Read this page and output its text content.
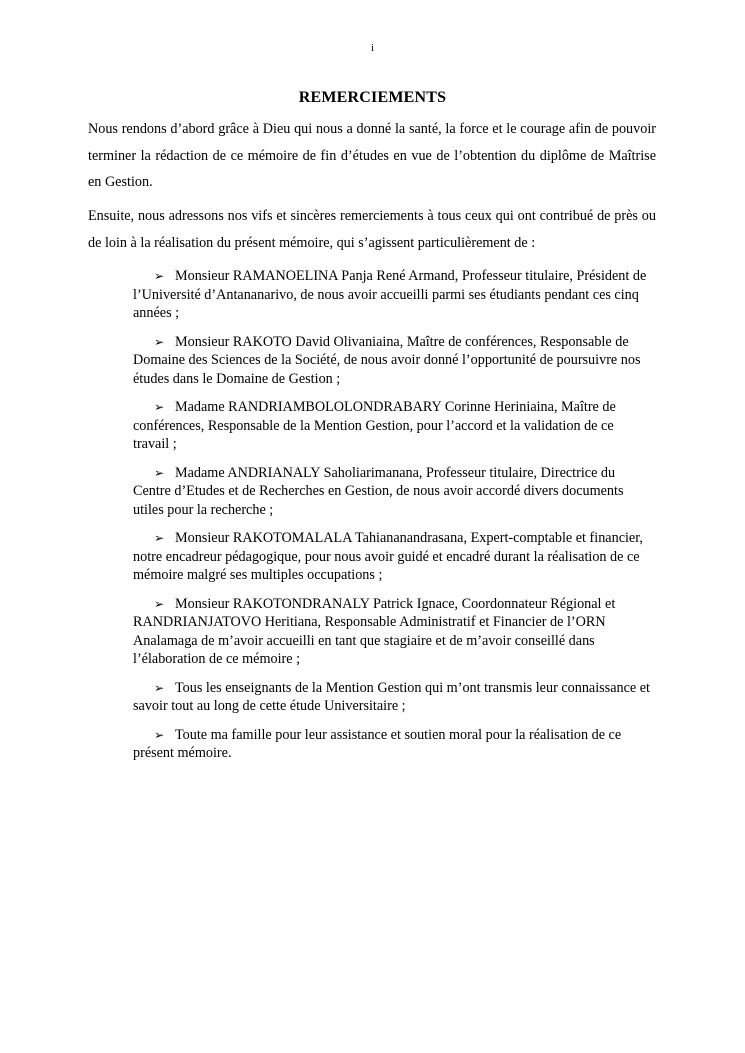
i
REMERCIEMENTS

Nous rendons d’abord grâce à Dieu qui nous a donné la santé, la force et le courage afin de pouvoir terminer la rédaction de ce mémoire de fin d’études en vue de l’obtention du diplôme de Maîtrise en Gestion.

Ensuite, nous adressons nos vifs et sincères remerciements à tous ceux qui ont contribué de près ou de loin à la réalisation du présent mémoire, qui s’agissent particulièrement de :

➢ Monsieur RAMANOELINA Panja René Armand, Professeur titulaire, Président de l’Université d’Antananarivo, de nous avoir accueilli parmi ses étudiants pendant ces cinq années ;
➢ Monsieur RAKOTO David Olivaniaina, Maître de conférences, Responsable de Domaine des Sciences de la Société, de nous avoir donné l’opportunité de poursuivre nos études dans le Domaine de Gestion ;
➢ Madame RANDRIAMBOLOLONDRABARY Corinne Heriniaina, Maître de conférences, Responsable de la Mention Gestion, pour l’accord et la validation de ce travail ;
➢ Madame ANDRIANALY Saholiarimanana, Professeur titulaire, Directrice du Centre d’Etudes et de Recherches en Gestion, de nous avoir accordé divers documents utiles pour la recherche ;
➢ Monsieur RAKOTOMALALA Tahiananandrasana, Expert-comptable et financier, notre encadreur pédagogique, pour nous avoir guidé et encadré durant la réalisation de ce mémoire malgré ses multiples occupations ;
➢ Monsieur RAKOTONDRANALY Patrick Ignace, Coordonnateur Régional et RANDRIANJATOVO Heritiana, Responsable Administratif et Financier de l’ORN Analamaga de m’avoir accueilli en tant que stagiaire et de m’avoir conseillé dans l’élaboration de ce mémoire ;
➢ Tous les enseignants de la Mention Gestion qui m’ont transmis leur connaissance et savoir tout au long de cette étude Universitaire ;
➢ Toute ma famille pour leur assistance et soutien moral pour la réalisation de ce présent mémoire.
